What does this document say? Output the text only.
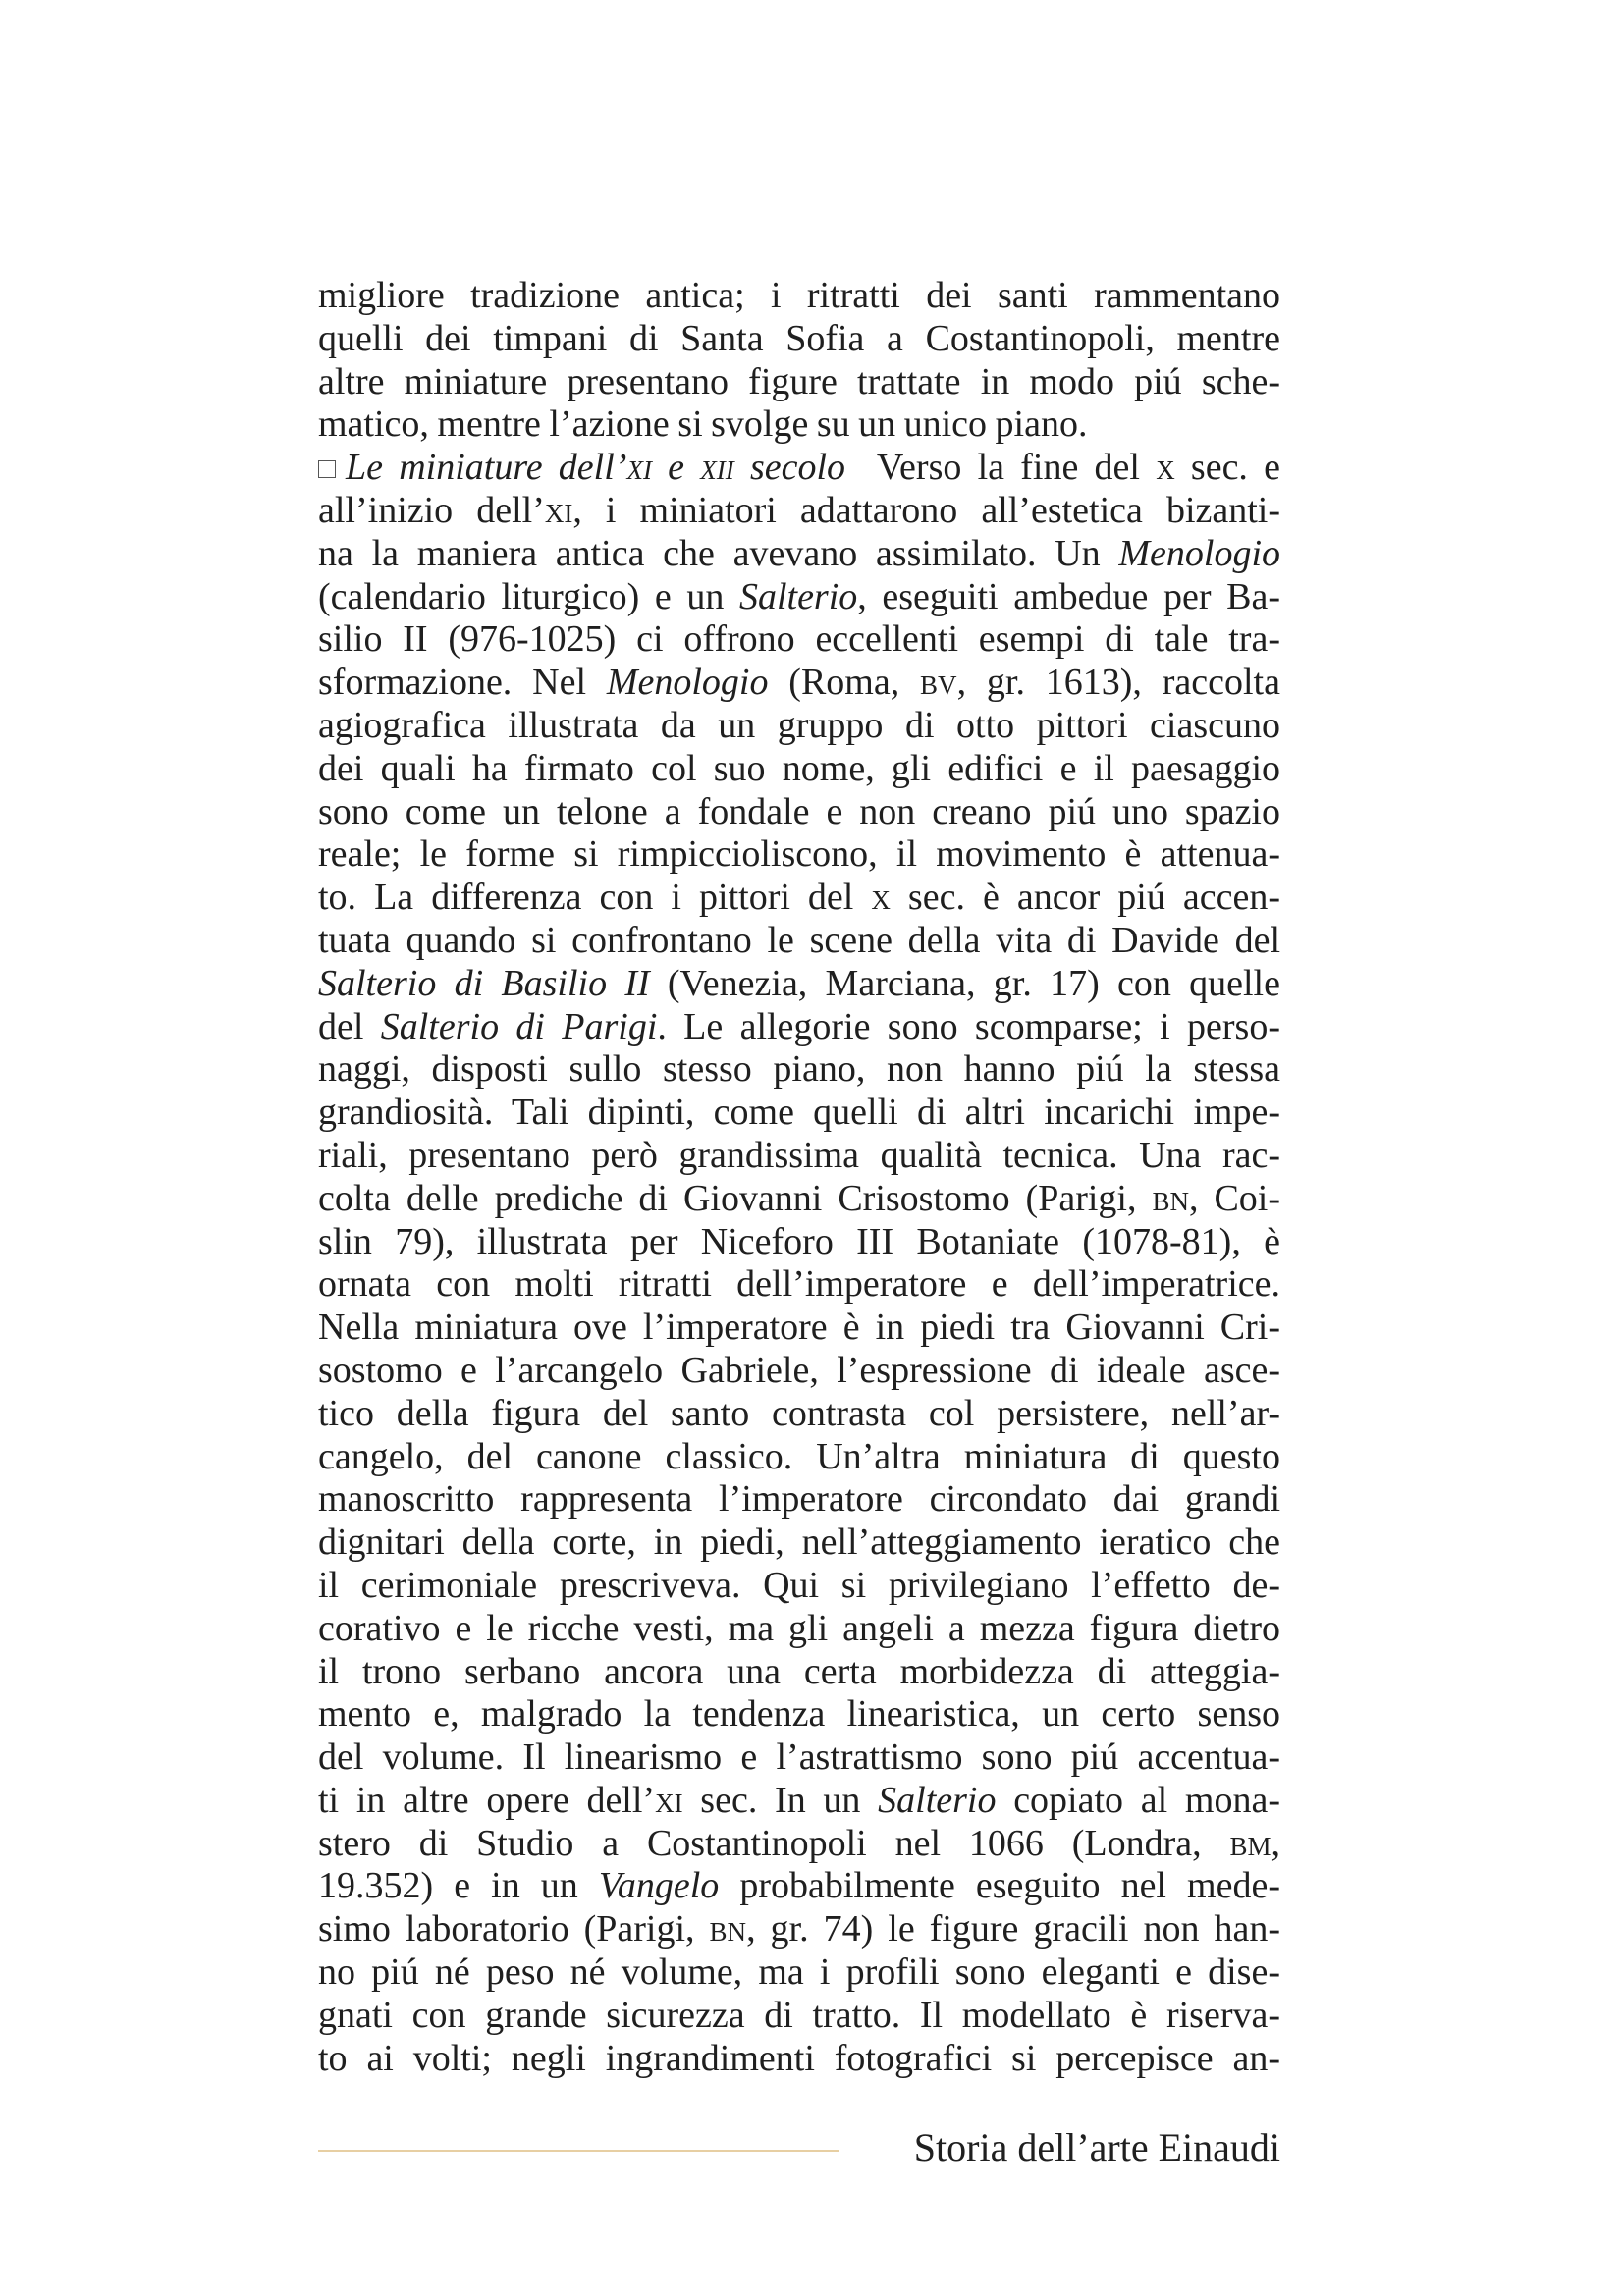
migliore tradizione antica; i ritratti dei santi rammentano
quelli dei timpani di Santa Sofia a Costantinopoli, mentre
altre miniature presentano figure trattate in modo piú sche-
matico, mentre l’azione si svolge su un unico piano.
Le miniature dell’xi e xii secolo  Verso la fine del x sec. e
all’inizio dell’xi, i miniatori adattarono all’estetica bizanti-
na la maniera antica che avevano assimilato. Un Menologio
(calendario liturgico) e un Salterio, eseguiti ambedue per Ba-
silio II (976-1025) ci offrono eccellenti esempi di tale tra-
sformazione. Nel Menologio (Roma, bv, gr. 1613), raccolta
agiografica illustrata da un gruppo di otto pittori ciascuno
dei quali ha firmato col suo nome, gli edifici e il paesaggio
sono come un telone a fondale e non creano piú uno spazio
reale; le forme si rimpiccioliscono, il movimento è attenua-
to. La differenza con i pittori del x sec. è ancor piú accen-
tuata quando si confrontano le scene della vita di Davide del
Salterio di Basilio II (Venezia, Marciana, gr. 17) con quelle
del Salterio di Parigi. Le allegorie sono scomparse; i perso-
naggi, disposti sullo stesso piano, non hanno piú la stessa
grandiosità. Tali dipinti, come quelli di altri incarichi impe-
riali, presentano però grandissima qualità tecnica. Una rac-
colta delle prediche di Giovanni Crisostomo (Parigi, bn, Coi-
slin 79), illustrata per Niceforo III Botaniate (1078-81), è
ornata con molti ritratti dell’imperatore e dell’imperatrice.
Nella miniatura ove l’imperatore è in piedi tra Giovanni Cri-
sostomo e l’arcangelo Gabriele, l’espressione di ideale asce-
tico della figura del santo contrasta col persistere, nell’ar-
cangelo, del canone classico. Un’altra miniatura di questo
manoscritto rappresenta l’imperatore circondato dai grandi
dignitari della corte, in piedi, nell’atteggiamento ieratico che
il cerimoniale prescriveva. Qui si privilegiano l’effetto de-
corativo e le ricche vesti, ma gli angeli a mezza figura dietro
il trono serbano ancora una certa morbidezza di atteggia-
mento e, malgrado la tendenza linearistica, un certo senso
del volume. Il linearismo e l’astrattismo sono piú accentua-
ti in altre opere dell’xi sec. In un Salterio copiato al mona-
stero di Studio a Costantinopoli nel 1066 (Londra, bm,
19.352) e in un Vangelo probabilmente eseguito nel mede-
simo laboratorio (Parigi, bn, gr. 74) le figure gracili non han-
no piú né peso né volume, ma i profili sono eleganti e dise-
gnati con grande sicurezza di tratto. Il modellato è riserva-
to ai volti; negli ingrandimenti fotografici si percepisce an-
Storia dell’arte Einaudi
